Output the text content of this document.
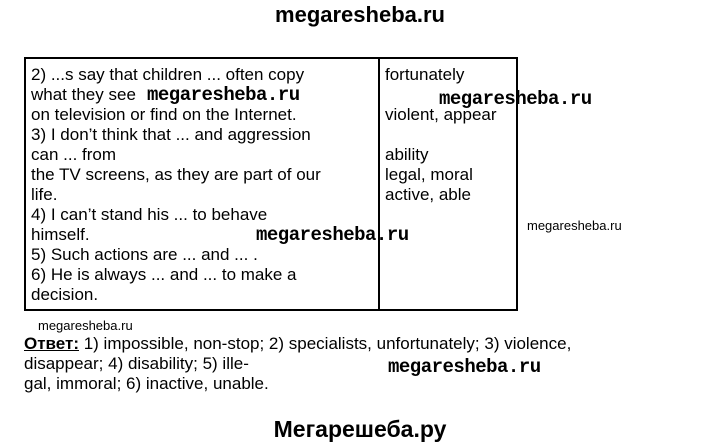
megaresheba.ru
2) ...s say that children ... often copy
what they see
on television or find on the Internet.
3) I don’t think that ... and aggression
can ... from
the TV screens, as they are part of our
life.
4) I can’t stand his ... to behave
himself.
5) Such actions are ... and ... .
6) He is always ... and ... to make a
decision.
fortunately
violent, appear
ability
legal, moral
active, able
megaresheba.ru	megaresheba.ru
megaresheba.ru	megaresheba.ru
megaresheba.ru
megaresheba.ru
Ответ: 1) impossible, non-stop; 2) specialists, unfortunately; 3) violence,
disappear; 4) disability; 5) ille-
gal, immoral; 6) inactive, unable.
Мегарешеба.ру
